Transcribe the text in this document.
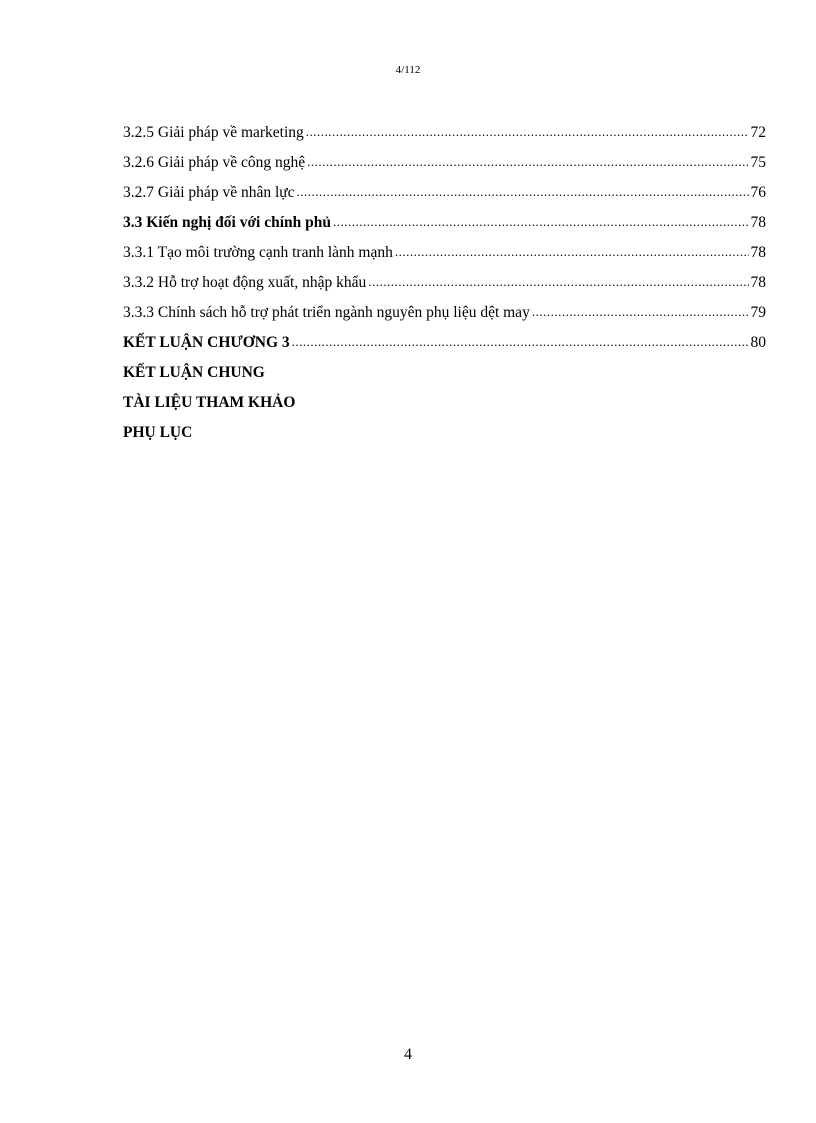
4/112
3.2.5 Giải pháp về marketing .....	72
3.2.6 Giải pháp về công nghệ .....	75
3.2.7 Giải pháp về nhân lực .....	76
3.3 Kiến nghị đối với chính phủ .....	78
3.3.1 Tạo môi trường cạnh tranh lành mạnh .....	78
3.3.2 Hỗ trợ hoạt động xuất, nhập khẩu .....	78
3.3.3 Chính sách hỗ trợ phát triển ngành nguyên phụ liệu dệt may .....	79
KẾT LUẬN CHƯƠNG 3 .....	80
KẾT LUẬN CHUNG
TÀI LIỆU THAM KHẢO
PHỤ LỤC
4
